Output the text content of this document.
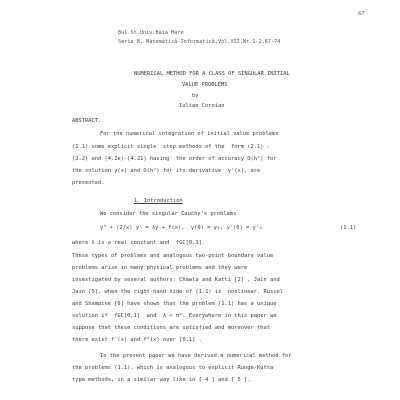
67
Bul.St.Univ.Baia Mare
Seria B, Matematică-Informatică,Vol.VII,Nr.1-2,67-74
NUMERICAL METHOD FOR A CLASS OF SINGULAR INITIAL
VALUE PROBLEMS
by
Iulian Coroian
ABSTRACT.
For the numerical integration of initial value problems
(1.1) some explicit single  step methods of the  form (2.1) -
(2.2) and (4.2e)-(4.21) having  the order of accuracy O(h⁵) for
the solution y(x) and O(h⁴) for its derivative  y'(x), are
presented.
1. Introduction
We consider the singular Cauchy's problems
y" + (2/x) y' = λy + f(x),  y(0) = y₀, y'(0) = y'₀	(1.1)
where λ is a real constant and  f∈C[0,1].
These types of problems and analogous two-point boundary value
problems arise in many physical problems and they were
investigated by several authors: Chawla and Katti [2] , Jain and
Jain [5], when the right-hand side of (1.1) is  nonlinear. Russel
and Shampine [6] have shown that the problem (1.1) has a unique
solution if  f∈C[0,1]  and  λ < π². Everywhere in this paper we
suppose that these conditions are satisfied and moreover that
there exist f'(x) and f"(x) over [0,1] .
In the present paper we have derived a numerical method for
the problems (1.1), which is analogous to explicit Runge-Kutta
type methods, in a similar way like in [ 4 ] and [ 5 ].
